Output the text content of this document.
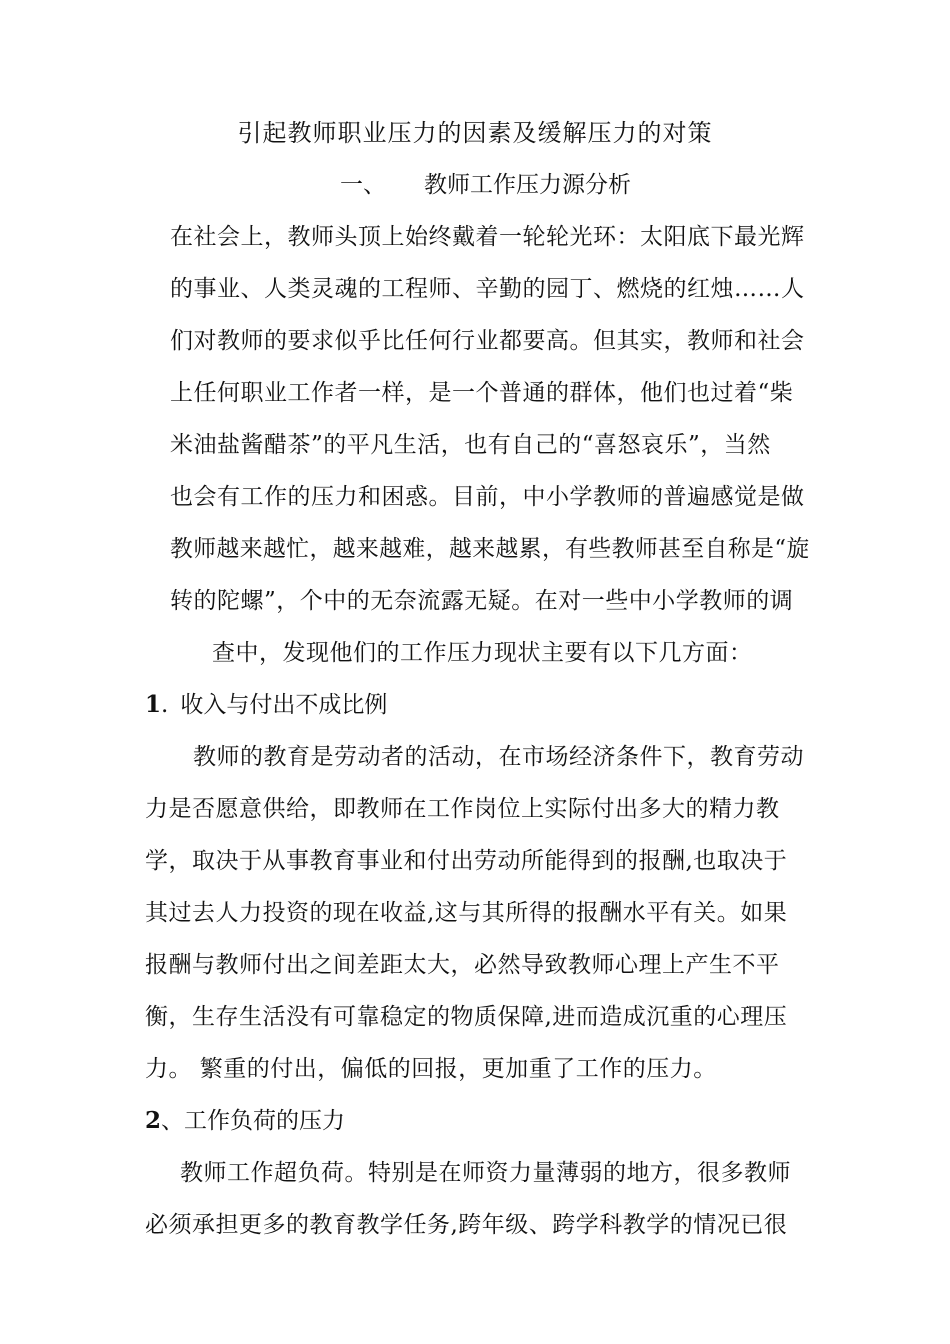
引起教师职业压力的因素及缓解压力的对策
一、 教师工作压力源分析
在社会上，教师头顶上始终戴着一轮轮光环：太阳底下最光辉
的事业、人类灵魂的工程师、辛勤的园丁、燃烧的红烛……人
们对教师的要求似乎比任何行业都要高。但其实，教师和社会
上任何职业工作者一样，是一个普通的群体，他们也过着“柴
米油盐酱醋茶”的平凡生活，也有自己的“喜怒哀乐”，当然
也会有工作的压力和困惑。目前，中小学教师的普遍感觉是做
教师越来越忙，越来越难，越来越累，有些教师甚至自称是“旋
转的陀螺”，个中的无奈流露无疑。在对一些中小学教师的调
查中，发现他们的工作压力现状主要有以下几方面：
1. 收入与付出不成比例
教师的教育是劳动者的活动，在市场经济条件下，教育劳动
力是否愿意供给，即教师在工作岗位上实际付出多大的精力教
学，取决于从事教育事业和付出劳动所能得到的报酬,也取决于
其过去人力投资的现在收益,这与其所得的报酬水平有关。如果
报酬与教师付出之间差距太大，必然导致教师心理上产生不平
衡，生存生活没有可靠稳定的物质保障,进而造成沉重的心理压
力。 繁重的付出，偏低的回报，更加重了工作的压力。
2、工作负荷的压力
教师工作超负荷。特别是在师资力量薄弱的地方，很多教师
必须承担更多的教育教学任务,跨年级、跨学科教学的情况已很
